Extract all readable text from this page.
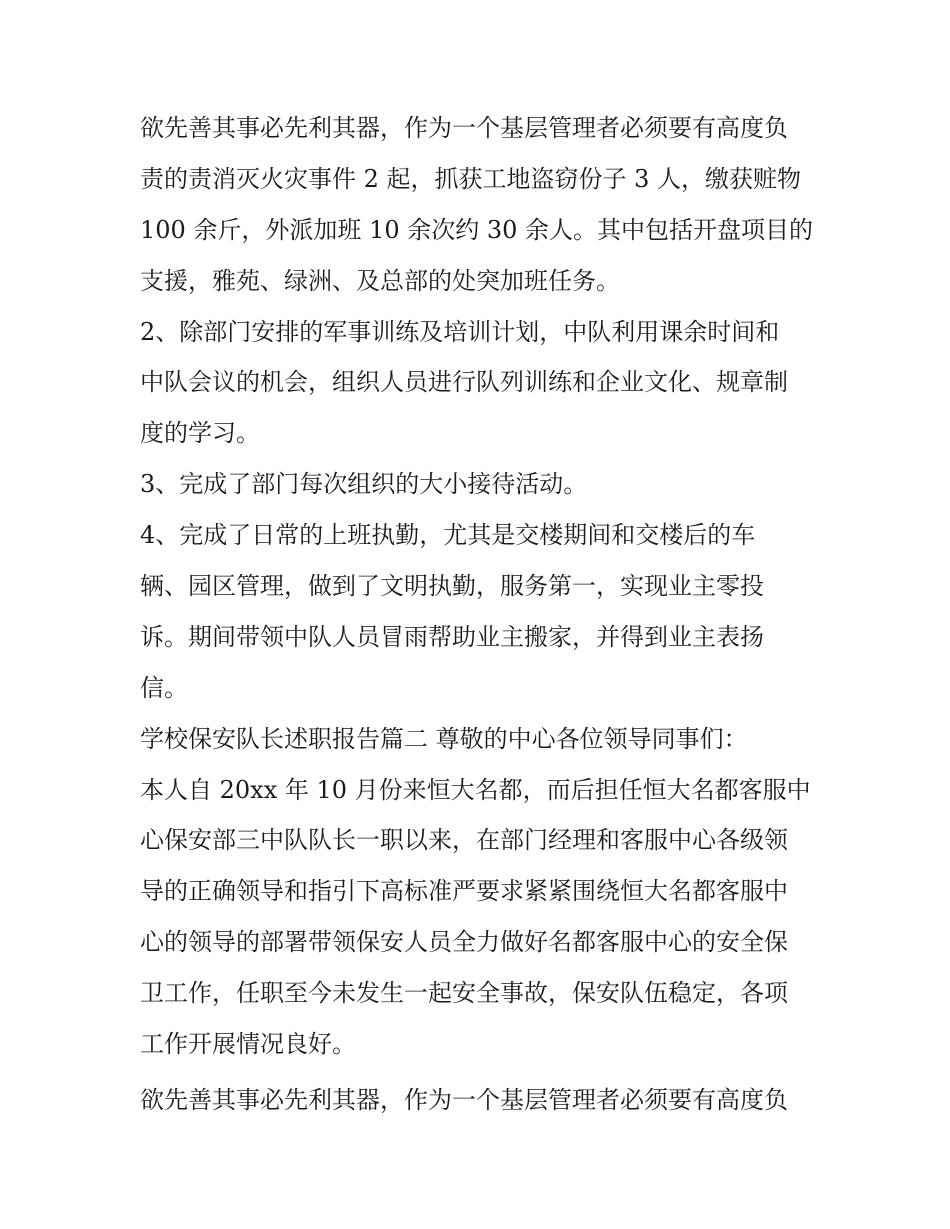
欲先善其事必先利其器，作为一个基层管理者必须要有高度负
责的责消灭火灾事件 2 起，抓获工地盗窃份子 3 人，缴获赃物
100 余斤，外派加班 10 余次约 30 余人。其中包括开盘项目的
支援，雅苑、绿洲、及总部的处突加班任务。
2、除部门安排的军事训练及培训计划，中队利用课余时间和
中队会议的机会，组织人员进行队列训练和企业文化、规章制
度的学习。
3、完成了部门每次组织的大小接待活动。
4、完成了日常的上班执勤，尤其是交楼期间和交楼后的车
辆、园区管理，做到了文明执勤，服务第一，实现业主零投
诉。期间带领中队人员冒雨帮助业主搬家，并得到业主表扬
信。
学校保安队长述职报告篇二 尊敬的中心各位领导同事们：
本人自 20xx 年 10 月份来恒大名都，而后担任恒大名都客服中
心保安部三中队队长一职以来，在部门经理和客服中心各级领
导的正确领导和指引下高标准严要求紧紧围绕恒大名都客服中
心的领导的部署带领保安人员全力做好名都客服中心的安全保
卫工作，任职至今未发生一起安全事故，保安队伍稳定，各项
工作开展情况良好。
欲先善其事必先利其器，作为一个基层管理者必须要有高度负
